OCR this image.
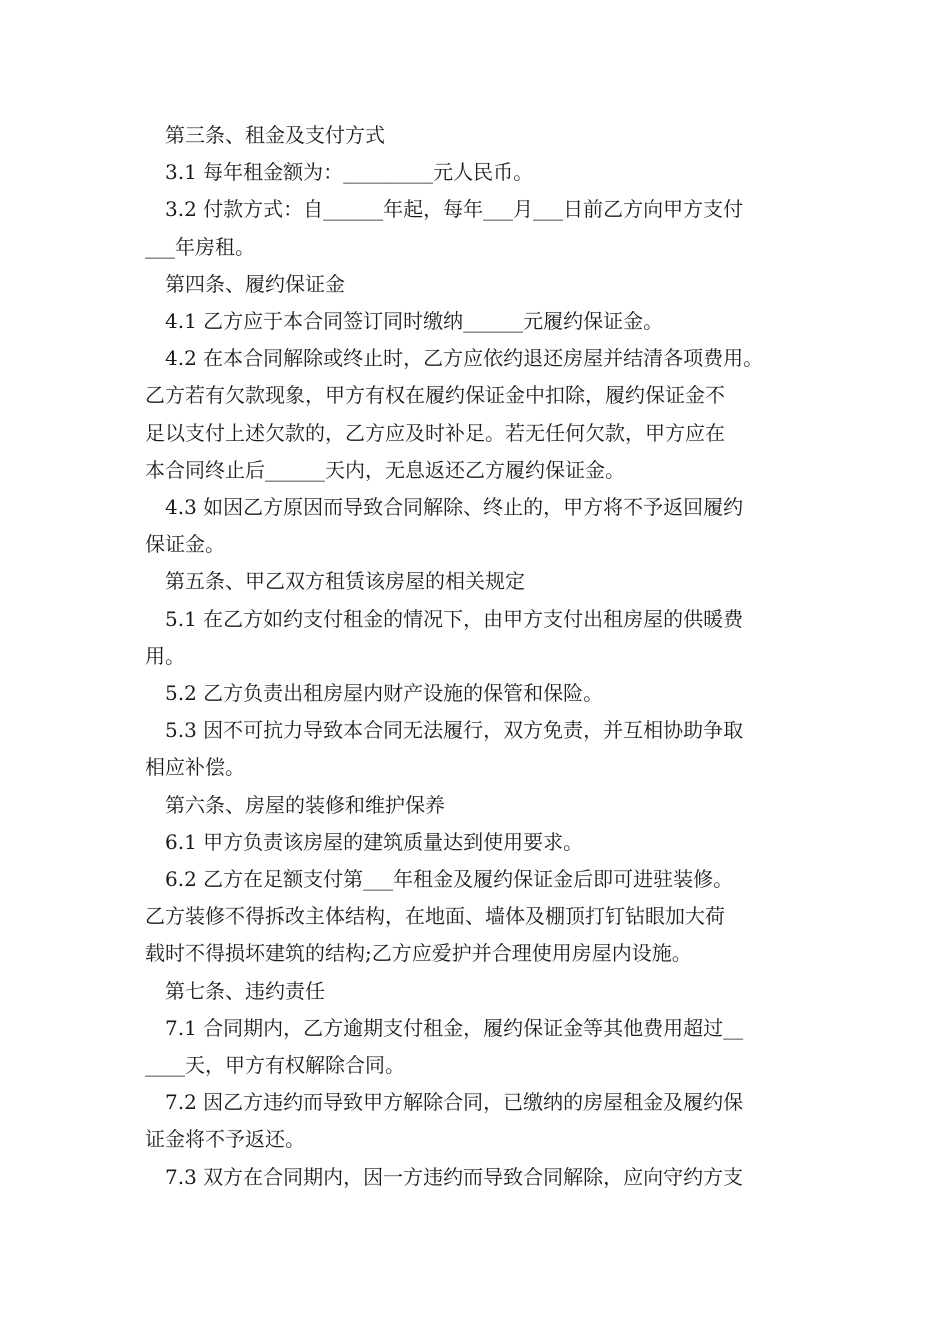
第三条、租金及支付方式
3.1 每年租金额为：_________元人民币。
3.2 付款方式：自______年起，每年___月___日前乙方向甲方支付
___年房租。
第四条、履约保证金
4.1 乙方应于本合同签订同时缴纳______元履约保证金。
4.2 在本合同解除或终止时，乙方应依约退还房屋并结清各项费用。
乙方若有欠款现象，甲方有权在履约保证金中扣除，履约保证金不
足以支付上述欠款的，乙方应及时补足。若无任何欠款，甲方应在
本合同终止后______天内，无息返还乙方履约保证金。
4.3 如因乙方原因而导致合同解除、终止的，甲方将不予返回履约
保证金。
第五条、甲乙双方租赁该房屋的相关规定
5.1 在乙方如约支付租金的情况下，由甲方支付出租房屋的供暖费
用。
5.2 乙方负责出租房屋内财产设施的保管和保险。
5.3 因不可抗力导致本合同无法履行，双方免责，并互相协助争取
相应补偿。
第六条、房屋的装修和维护保养
6.1 甲方负责该房屋的建筑质量达到使用要求。
6.2 乙方在足额支付第___年租金及履约保证金后即可进驻装修。
乙方装修不得拆改主体结构，在地面、墙体及棚顶打钉钻眼加大荷
载时不得损坏建筑的结构;乙方应爱护并合理使用房屋内设施。
第七条、违约责任
7.1 合同期内，乙方逾期支付租金，履约保证金等其他费用超过__
____天，甲方有权解除合同。
7.2 因乙方违约而导致甲方解除合同，已缴纳的房屋租金及履约保
证金将不予返还。
7.3 双方在合同期内，因一方违约而导致合同解除，应向守约方支
